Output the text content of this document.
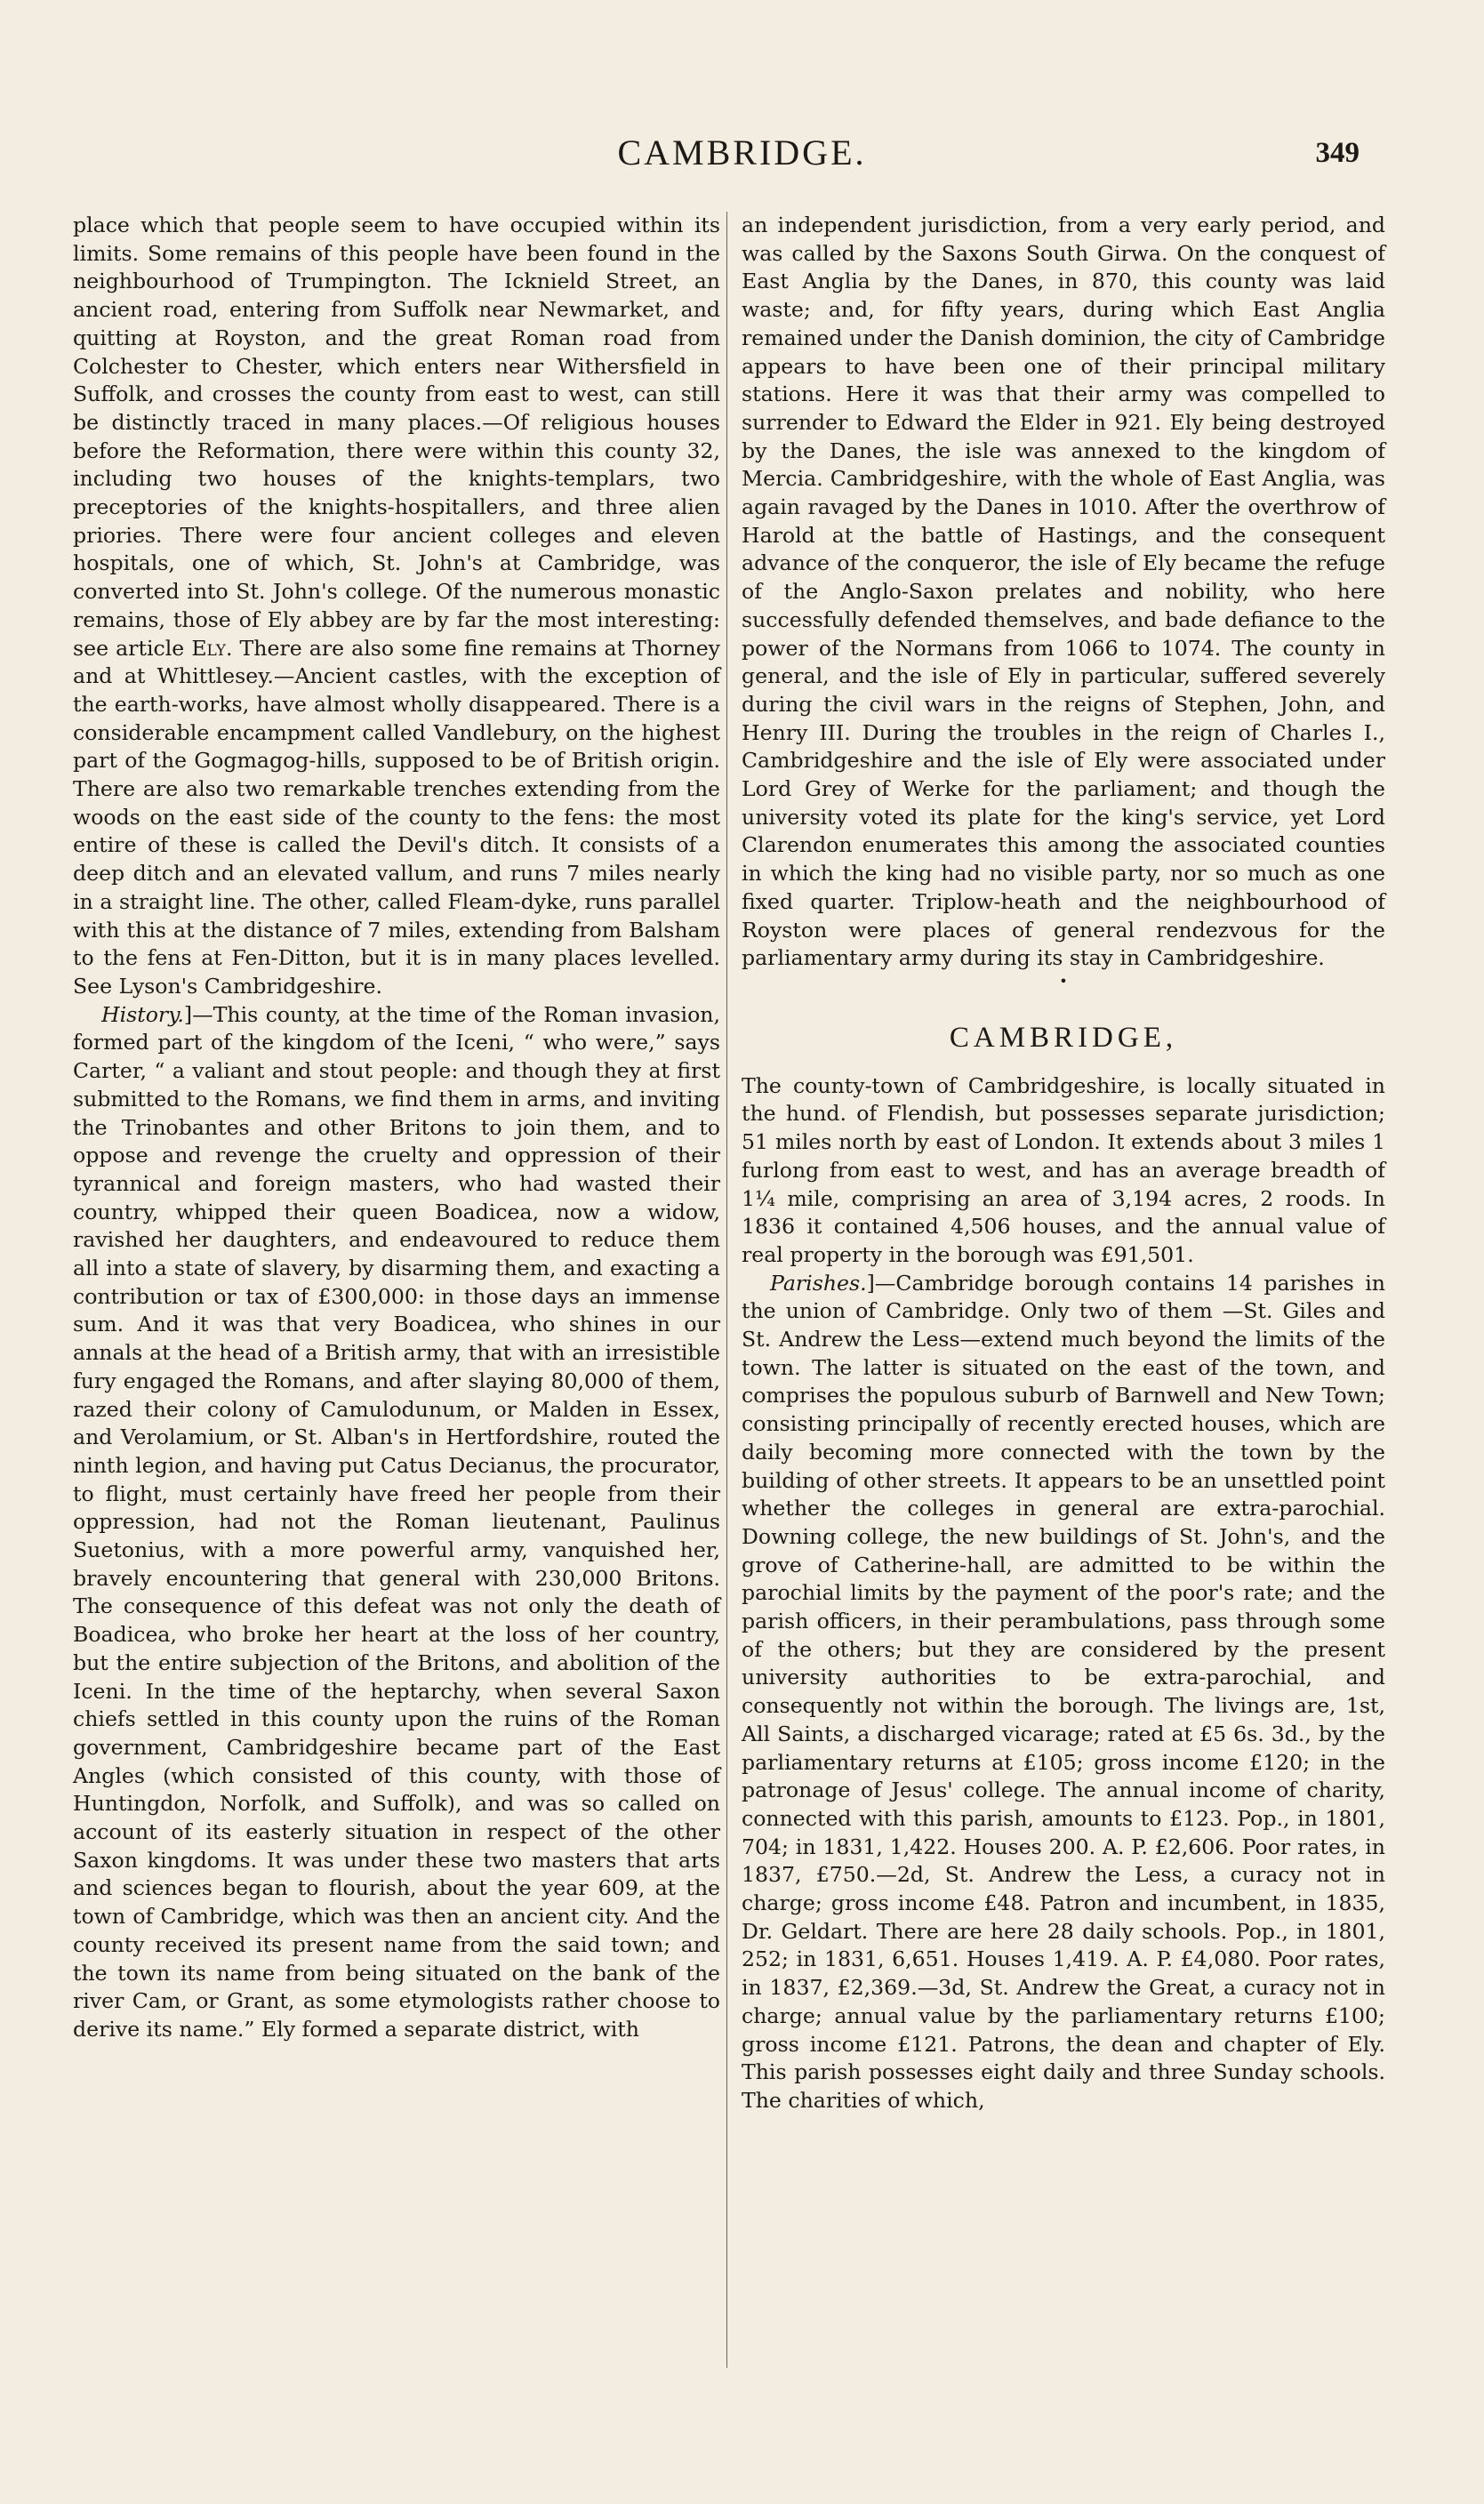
CAMBRIDGE.	349

place which that people seem to have occupied within its limits. Some remains of this people have been found in the neighbourhood of Trumpington. The Icknield Street, an ancient road, entering from Suffolk near Newmarket, and quitting at Royston, and the great Roman road from Colchester to Chester, which enters near Withersfield in Suffolk, and crosses the county from east to west, can still be distinctly traced in many places.—Of religious houses before the Reformation, there were within this county 32, including two houses of the knights-templars, two preceptories of the knights-hospitallers, and three alien priories. There were four ancient colleges and eleven hospitals, one of which, St. John's at Cambridge, was converted into St. John's college. Of the numerous monastic remains, those of Ely abbey are by far the most interesting: see article Ely. There are also some fine remains at Thorney and at Whittlesey.—Ancient castles, with the exception of the earth-works, have almost wholly disappeared. There is a considerable encampment called Vandlebury, on the highest part of the Gogmagog-hills, supposed to be of British origin. There are also two remarkable trenches extending from the woods on the east side of the county to the fens: the most entire of these is called the Devil's ditch. It consists of a deep ditch and an elevated vallum, and runs 7 miles nearly in a straight line. The other, called Fleam-dyke, runs parallel with this at the distance of 7 miles, extending from Balsham to the fens at Fen-Ditton, but it is in many places levelled. See Lyson's Cambridgeshire.

History.]—This county, at the time of the Roman invasion, formed part of the kingdom of the Iceni, “ who were,” says Carter, “ a valiant and stout people: and though they at first submitted to the Romans, we find them in arms, and inviting the Trinobantes and other Britons to join them, and to oppose and revenge the cruelty and oppression of their tyrannical and foreign masters, who had wasted their country, whipped their queen Boadicea, now a widow, ravished her daughters, and endeavoured to reduce them all into a state of slavery, by disarming them, and exacting a contribution or tax of £300,000: in those days an immense sum. And it was that very Boadicea, who shines in our annals at the head of a British army, that with an irresistible fury engaged the Romans, and after slaying 80,000 of them, razed their colony of Camulodunum, or Malden in Essex, and Verolamium, or St. Alban's in Hertfordshire, routed the ninth legion, and having put Catus Decianus, the procurator, to flight, must certainly have freed her people from their oppression, had not the Roman lieutenant, Paulinus Suetonius, with a more powerful army, vanquished her, bravely encountering that general with 230,000 Britons. The consequence of this defeat was not only the death of Boadicea, who broke her heart at the loss of her country, but the entire subjection of the Britons, and abolition of the Iceni. In the time of the heptarchy, when several Saxon chiefs settled in this county upon the ruins of the Roman government, Cambridgeshire became part of the East Angles (which consisted of this county, with those of Huntingdon, Norfolk, and Suffolk), and was so called on account of its easterly situation in respect of the other Saxon kingdoms. It was under these two masters that arts and sciences began to flourish, about the year 609, at the town of Cambridge, which was then an ancient city. And the county received its present name from the said town; and the town its name from being situated on the bank of the river Cam, or Grant, as some etymologists rather choose to derive its name.” Ely formed a separate district, with

an independent jurisdiction, from a very early period, and was called by the Saxons South Girwa. On the conquest of East Anglia by the Danes, in 870, this county was laid waste; and, for fifty years, during which East Anglia remained under the Danish dominion, the city of Cambridge appears to have been one of their principal military stations. Here it was that their army was compelled to surrender to Edward the Elder in 921. Ely being destroyed by the Danes, the isle was annexed to the kingdom of Mercia. Cambridgeshire, with the whole of East Anglia, was again ravaged by the Danes in 1010. After the overthrow of Harold at the battle of Hastings, and the consequent advance of the conqueror, the isle of Ely became the refuge of the Anglo-Saxon prelates and nobility, who here successfully defended themselves, and bade defiance to the power of the Normans from 1066 to 1074. The county in general, and the isle of Ely in particular, suffered severely during the civil wars in the reigns of Stephen, John, and Henry III. During the troubles in the reign of Charles I., Cambridgeshire and the isle of Ely were associated under Lord Grey of Werke for the parliament; and though the university voted its plate for the king's service, yet Lord Clarendon enumerates this among the associated counties in which the king had no visible party, nor so much as one fixed quarter. Triplow-heath and the neighbourhood of Royston were places of general rendezvous for the parliamentary army during its stay in Cambridgeshire.

•
CAMBRIDGE,

The county-town of Cambridgeshire, is locally situated in the hund. of Flendish, but possesses separate jurisdiction; 51 miles north by east of London. It extends about 3 miles 1 furlong from east to west, and has an average breadth of 1¼ mile, comprising an area of 3,194 acres, 2 roods. In 1836 it contained 4,506 houses, and the annual value of real property in the borough was £91,501.

Parishes.]—Cambridge borough contains 14 parishes in the union of Cambridge. Only two of them —St. Giles and St. Andrew the Less—extend much beyond the limits of the town. The latter is situated on the east of the town, and comprises the populous suburb of Barnwell and New Town; consisting principally of recently erected houses, which are daily becoming more connected with the town by the building of other streets. It appears to be an unsettled point whether the colleges in general are extra-parochial. Downing college, the new buildings of St. John's, and the grove of Catherine-hall, are admitted to be within the parochial limits by the payment of the poor's rate; and the parish officers, in their perambulations, pass through some of the others; but they are considered by the present university authorities to be extra-parochial, and consequently not within the borough. The livings are, 1st, All Saints, a discharged vicarage; rated at £5 6s. 3d., by the parliamentary returns at £105; gross income £120; in the patronage of Jesus' college. The annual income of charity, connected with this parish, amounts to £123. Pop., in 1801, 704; in 1831, 1,422. Houses 200. A. P. £2,606. Poor rates, in 1837, £750.—2d, St. Andrew the Less, a curacy not in charge; gross income £48. Patron and incumbent, in 1835, Dr. Geldart. There are here 28 daily schools. Pop., in 1801, 252; in 1831, 6,651. Houses 1,419. A. P. £4,080. Poor rates, in 1837, £2,369.—3d, St. Andrew the Great, a curacy not in charge; annual value by the parliamentary returns £100; gross income £121. Patrons, the dean and chapter of Ely. This parish possesses eight daily and three Sunday schools. The charities of which,
